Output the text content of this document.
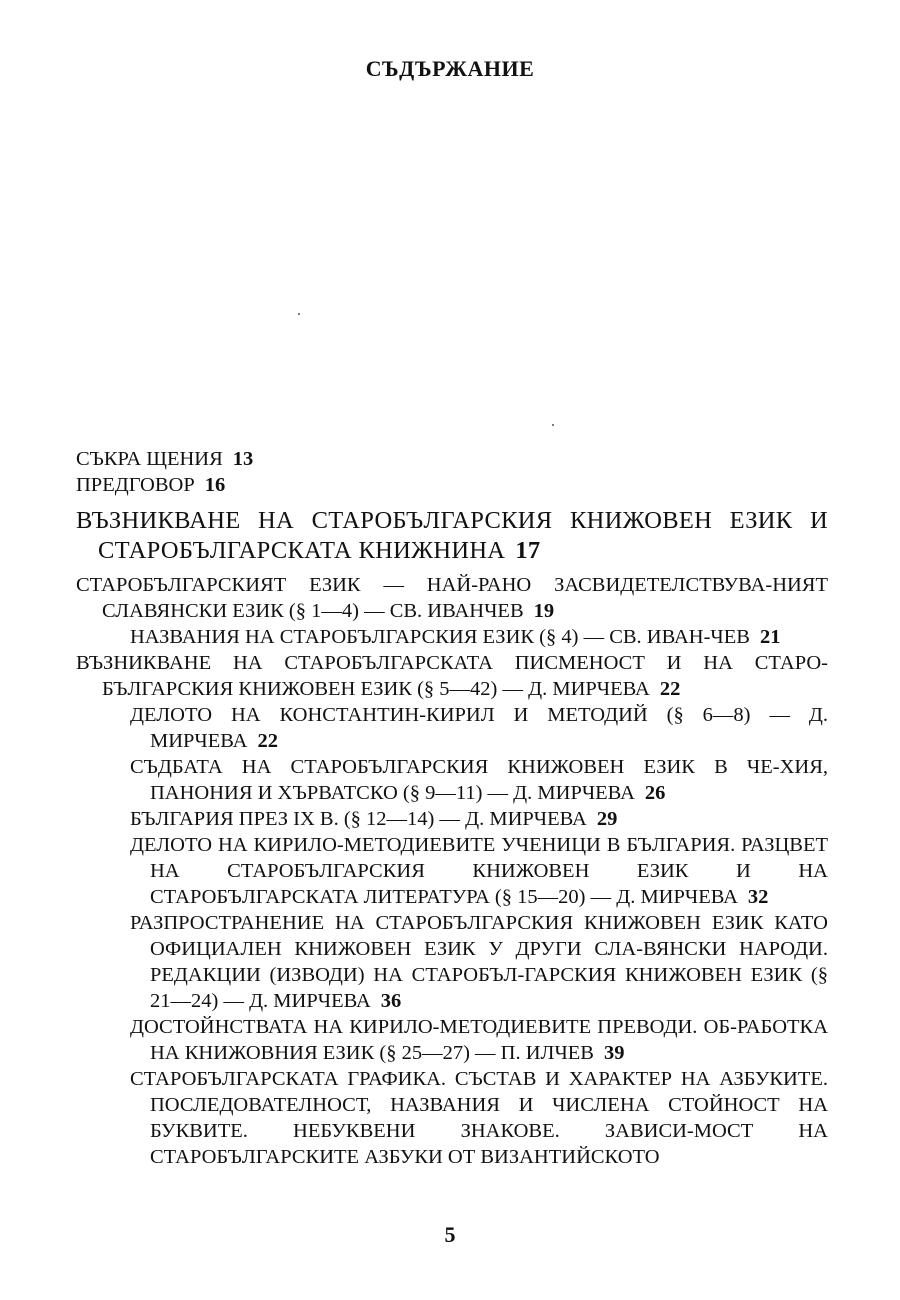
СЪДЪРЖАНИЕ
СЪКРА ЩЕНИЯ 13
ПРЕДГОВОР 16
ВЪЗНИКВАНЕ НА СТАРОБЪЛГАРСКИЯ КНИЖОВЕН ЕЗИК И СТАРОБЪЛГАРСКАТА КНИЖНИНА 17
СТАРОБЪЛГАРСКИЯТ ЕЗИК — НАЙ-РАНО ЗАСВИДЕТЕЛСТВУВА-НИЯТ СЛАВЯНСКИ ЕЗИК (§ 1—4) — СВ. ИВАНЧЕВ 19
НАЗВАНИЯ НА СТАРОБЪЛГАРСКИЯ ЕЗИК (§ 4) — СВ. ИВАН-ЧЕВ 21
ВЪЗНИКВАНЕ НА СТАРОБЪЛГАРСКАТА ПИСМЕНОСТ И НА СТАРО-БЪЛГАРСКИЯ КНИЖОВЕН ЕЗИК (§ 5—42) — Д. МИРЧЕВА 22
ДЕЛОТО НА КОНСТАНТИН-КИРИЛ И МЕТОДИЙ (§ 6—8) — Д. МИРЧЕВА 22
СЪДБАТА НА СТАРОБЪЛГАРСКИЯ КНИЖОВЕН ЕЗИК В ЧЕ-ХИЯ, ПАНОНИЯ И ХЪРВАТСКО (§ 9—11) — Д. МИРЧЕВА 26
БЪЛГАРИЯ ПРЕЗ IX В. (§ 12—14) — Д. МИРЧЕВА 29
ДЕЛОТО НА КИРИЛО-МЕТОДИЕВИТЕ УЧЕНИЦИ В БЪЛГАРИЯ. РАЗЦВЕТ НА СТАРОБЪЛГАРСКИЯ КНИЖОВЕН ЕЗИК И НА СТАРОБЪЛГАРСКАТА ЛИТЕРАТУРА (§ 15—20) — Д. МИРЧЕВА 32
РАЗПРОСТРАНЕНИЕ НА СТАРОБЪЛГАРСКИЯ КНИЖОВЕН ЕЗИК КАТО ОФИЦИАЛЕН КНИЖОВЕН ЕЗИК У ДРУГИ СЛА-ВЯНСКИ НАРОДИ. РЕДАКЦИИ (ИЗВОДИ) НА СТАРОБЪЛ-ГАРСКИЯ КНИЖОВЕН ЕЗИК (§ 21—24) — Д. МИРЧЕВА 36
ДОСТОЙНСТВАТА НА КИРИЛО-МЕТОДИЕВИТЕ ПРЕВОДИ. ОБ-РАБОТКА НА КНИЖОВНИЯ ЕЗИК (§ 25—27) — П. ИЛЧЕВ 39
СТАРОБЪЛГАРСКАТА ГРАФИКА. СЪСТАВ И ХАРАКТЕР НА АЗБУКИТЕ. ПОСЛЕДОВАТЕЛНОСТ, НАЗВАНИЯ И ЧИСЛЕНА СТОЙНОСТ НА БУКВИТЕ. НЕБУКВЕНИ ЗНАКОВЕ. ЗАВИСИ-МОСТ НА СТАРОБЪЛГАРСКИТЕ АЗБУКИ ОТ ВИЗАНТИЙСКОТО
5
